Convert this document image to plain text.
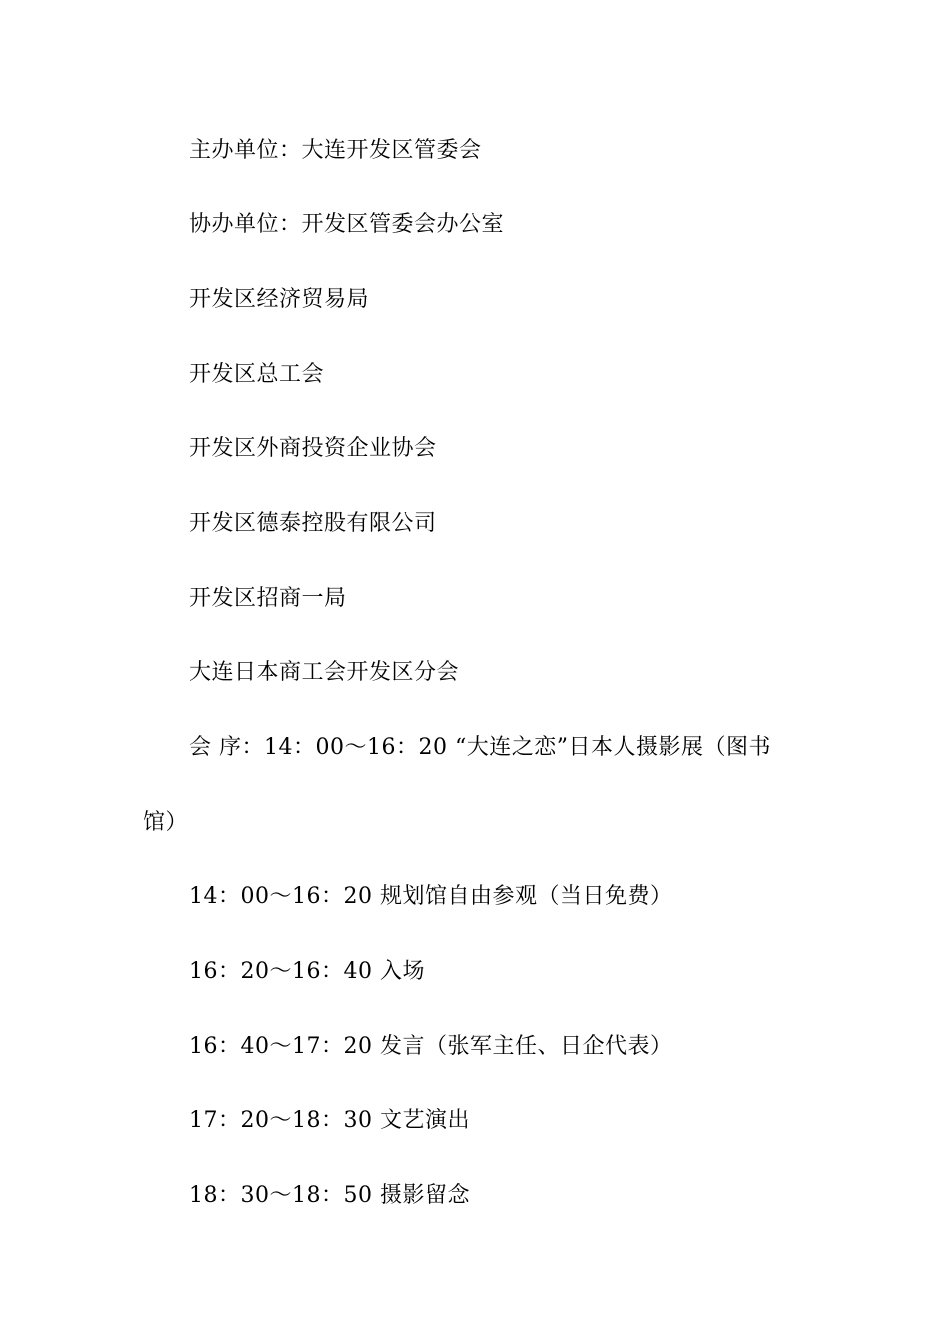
主办单位：大连开发区管委会
协办单位：开发区管委会办公室
开发区经济贸易局
开发区总工会
开发区外商投资企业协会
开发区德泰控股有限公司
开发区招商一局
大连日本商工会开发区分会
会 序：14：00～16：20 “大连之恋”日本人摄影展（图书
馆）
14：00～16：20 规划馆自由参观（当日免费）
16：20～16：40 入场
16：40～17：20 发言（张军主任、日企代表）
17：20～18：30 文艺演出
18：30～18：50 摄影留念
